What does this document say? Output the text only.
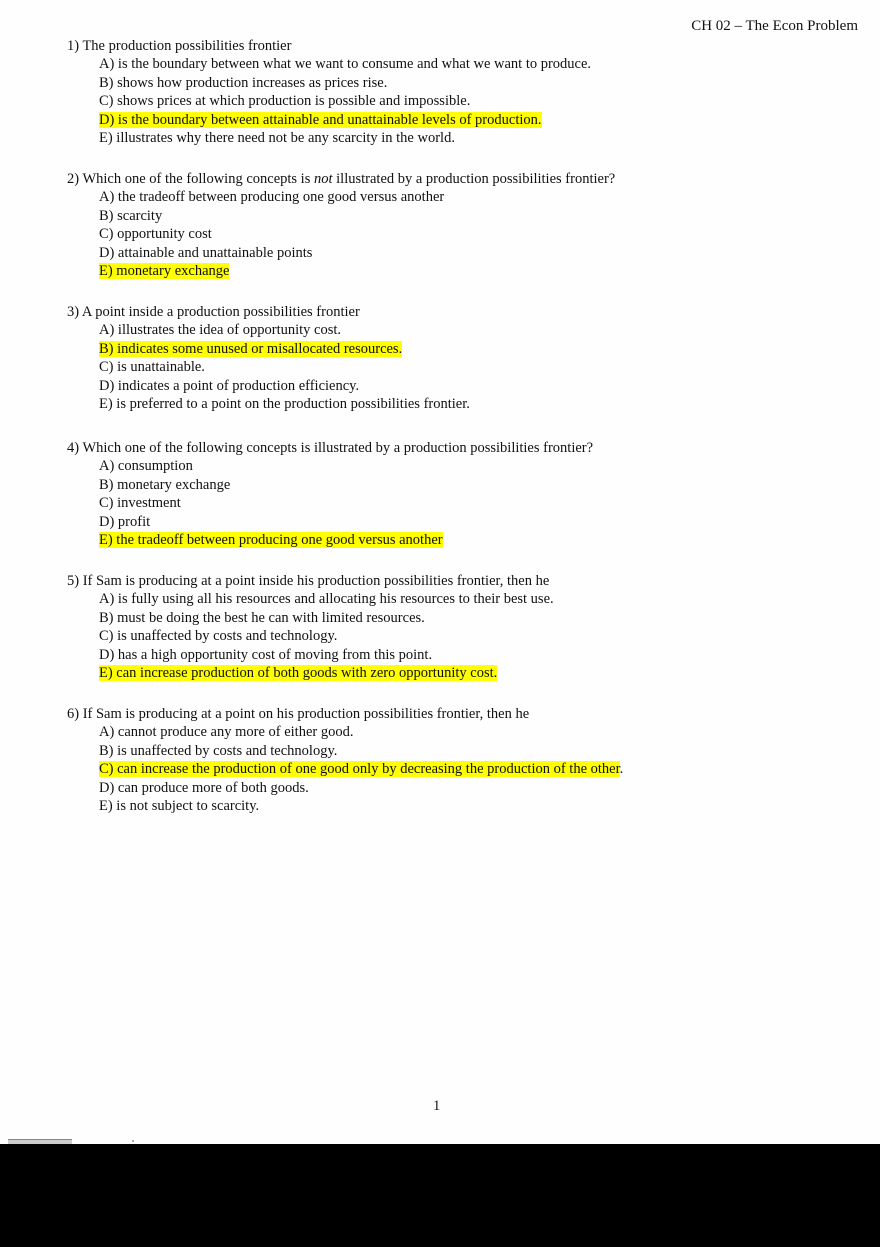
CH 02 – The Econ Problem
1) The production possibilities frontier
A) is the boundary between what we want to consume and what we want to produce.
B) shows how production increases as prices rise.
C) shows prices at which production is possible and impossible.
D) is the boundary between attainable and unattainable levels of production.
E) illustrates why there need not be any scarcity in the world.
2) Which one of the following concepts is not illustrated by a production possibilities frontier?
A) the tradeoff between producing one good versus another
B) scarcity
C) opportunity cost
D) attainable and unattainable points
E) monetary exchange
3) A point inside a production possibilities frontier
A) illustrates the idea of opportunity cost.
B) indicates some unused or misallocated resources.
C) is unattainable.
D) indicates a point of production efficiency.
E) is preferred to a point on the production possibilities frontier.
4) Which one of the following concepts is illustrated by a production possibilities frontier?
A) consumption
B) monetary exchange
C) investment
D) profit
E) the tradeoff between producing one good versus another
5) If Sam is producing at a point inside his production possibilities frontier, then he
A) is fully using all his resources and allocating his resources to their best use.
B) must be doing the best he can with limited resources.
C) is unaffected by costs and technology.
D) has a high opportunity cost of moving from this point.
E) can increase production of both goods with zero opportunity cost.
6) If Sam is producing at a point on his production possibilities frontier, then he
A) cannot produce any more of either good.
B) is unaffected by costs and technology.
C) can increase the production of one good only by decreasing the production of the other.
D) can produce more of both goods.
E) is not subject to scarcity.
1
